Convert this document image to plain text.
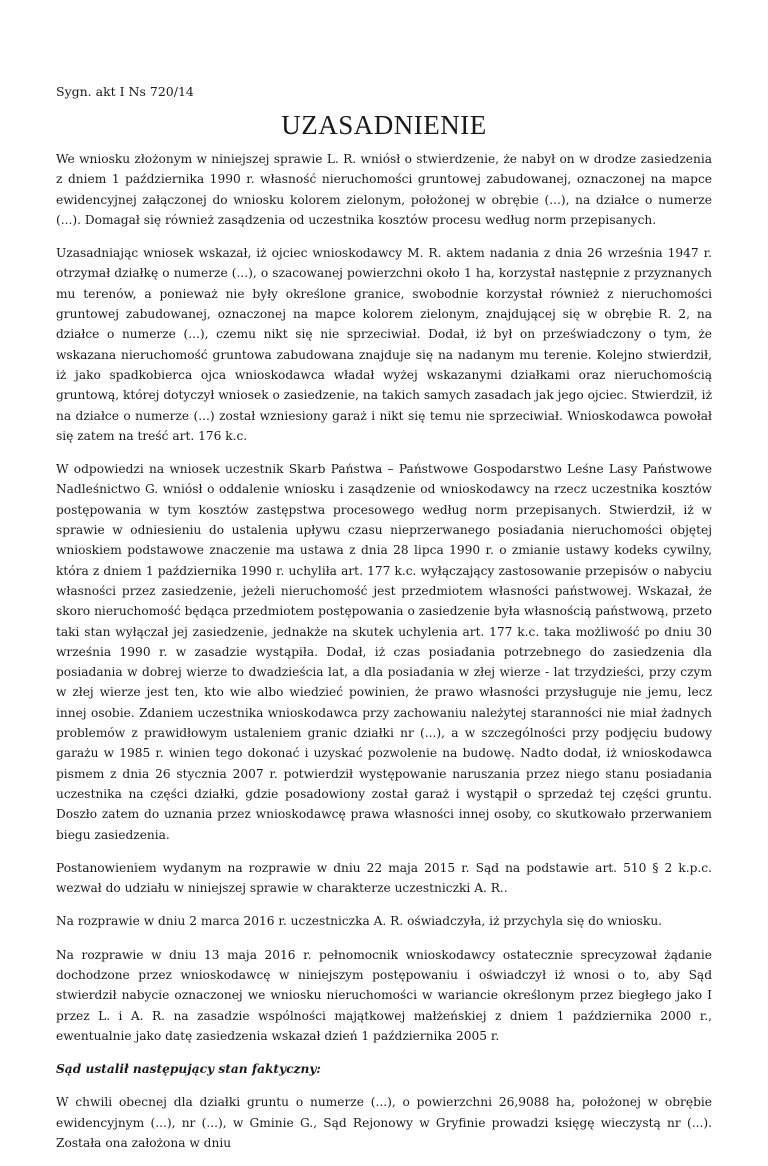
Sygn. akt I Ns 720/14
UZASADNIENIE

We wniosku złożonym w niniejszej sprawie L. R. wniósł o stwierdzenie, że nabył on w drodze zasiedzenia z dniem 1 października 1990 r. własność nieruchomości gruntowej zabudowanej, oznaczonej na mapce ewidencyjnej załączonej do wniosku kolorem zielonym, położonej w obrębie (...), na działce o numerze (...). Domagał się również zasądzenia od uczestnika kosztów procesu według norm przepisanych.

Uzasadniając wniosek wskazał, iż ojciec wnioskodawcy M. R. aktem nadania z dnia 26 września 1947 r. otrzymał działkę o numerze (...), o szacowanej powierzchni około 1 ha, korzystał następnie z przyznanych mu terenów, a ponieważ nie były określone granice, swobodnie korzystał również z nieruchomości gruntowej zabudowanej, oznaczonej na mapce kolorem zielonym, znajdującej się w obrębie R. 2, na działce o numerze (...), czemu nikt się nie sprzeciwiał. Dodał, iż był on przeświadczony o tym, że wskazana nieruchomość gruntowa zabudowana znajduje się na nadanym mu terenie. Kolejno stwierdził, iż jako spadkobierca ojca wnioskodawca władał wyżej wskazanymi działkami oraz nieruchomością gruntową, której dotyczył wniosek o zasiedzenie, na takich samych zasadach jak jego ojciec. Stwierdził, iż na działce o numerze (...) został wzniesiony garaż i nikt się temu nie sprzeciwiał. Wnioskodawca powołał się zatem na treść art. 176 k.c.

W odpowiedzi na wniosek uczestnik Skarb Państwa – Państwowe Gospodarstwo Leśne Lasy Państwowe Nadleśnictwo G. wniósł o oddalenie wniosku i zasądzenie od wnioskodawcy na rzecz uczestnika kosztów postępowania w tym kosztów zastępstwa procesowego według norm przepisanych. Stwierdził, iż w sprawie w odniesieniu do ustalenia upływu czasu nieprzerwanego posiadania nieruchomości objętej wnioskiem podstawowe znaczenie ma ustawa z dnia 28 lipca 1990 r. o zmianie ustawy kodeks cywilny, która z dniem 1 października 1990 r. uchyliła art. 177 k.c. wyłączający zastosowanie przepisów o nabyciu własności przez zasiedzenie, jeżeli nieruchomość jest przedmiotem własności państwowej. Wskazał, że skoro nieruchomość będąca przedmiotem postępowania o zasiedzenie była własnością państwową, przeto taki stan wyłączał jej zasiedzenie, jednakże na skutek uchylenia art. 177 k.c. taka możliwość po dniu 30 września 1990 r. w zasadzie wystąpiła. Dodał, iż czas posiadania potrzebnego do zasiedzenia dla posiadania w dobrej wierze to dwadzieścia lat, a dla posiadania w złej wierze - lat trzydzieści, przy czym w złej wierze jest ten, kto wie albo wiedzieć powinien, że prawo własności przysługuje nie jemu, lecz innej osobie. Zdaniem uczestnika wnioskodawca przy zachowaniu należytej staranności nie miał żadnych problemów z prawidłowym ustaleniem granic działki nr (...), a w szczególności przy podjęciu budowy garażu w 1985 r. winien tego dokonać i uzyskać pozwolenie na budowę. Nadto dodał, iż wnioskodawca pismem z dnia 26 stycznia 2007 r. potwierdził występowanie naruszania przez niego stanu posiadania uczestnika na części działki, gdzie posadowiony został garaż i wystąpił o sprzedaż tej części gruntu. Doszło zatem do uznania przez wnioskodawcę prawa własności innej osoby, co skutkowało przerwaniem biegu zasiedzenia.

Postanowieniem wydanym na rozprawie w dniu 22 maja 2015 r. Sąd na podstawie art. 510 § 2 k.p.c. wezwał do udziału w niniejszej sprawie w charakterze uczestniczki A. R..

Na rozprawie w dniu 2 marca 2016 r. uczestniczka A. R. oświadczyła, iż przychyla się do wniosku.

Na rozprawie w dniu 13 maja 2016 r. pełnomocnik wnioskodawcy ostatecznie sprecyzował żądanie dochodzone przez wnioskodawcę w niniejszym postępowaniu i oświadczył iż wnosi o to, aby Sąd stwierdził nabycie oznaczonej we wniosku nieruchomości w wariancie określonym przez biegłego jako I przez L. i A. R. na zasadzie wspólności majątkowej małżeńskiej z dniem 1 października 2000 r., ewentualnie jako datę zasiedzenia wskazał dzień 1 października 2005 r.

Sąd ustalił następujący stan faktyczny:

W chwili obecnej dla działki gruntu o numerze (...), o powierzchni 26,9088 ha, położonej w obrębie ewidencyjnym (...), nr (...), w Gminie G., Sąd Rejonowy w Gryfinie prowadzi księgę wieczystą nr (...). Została ona założona w dniu
